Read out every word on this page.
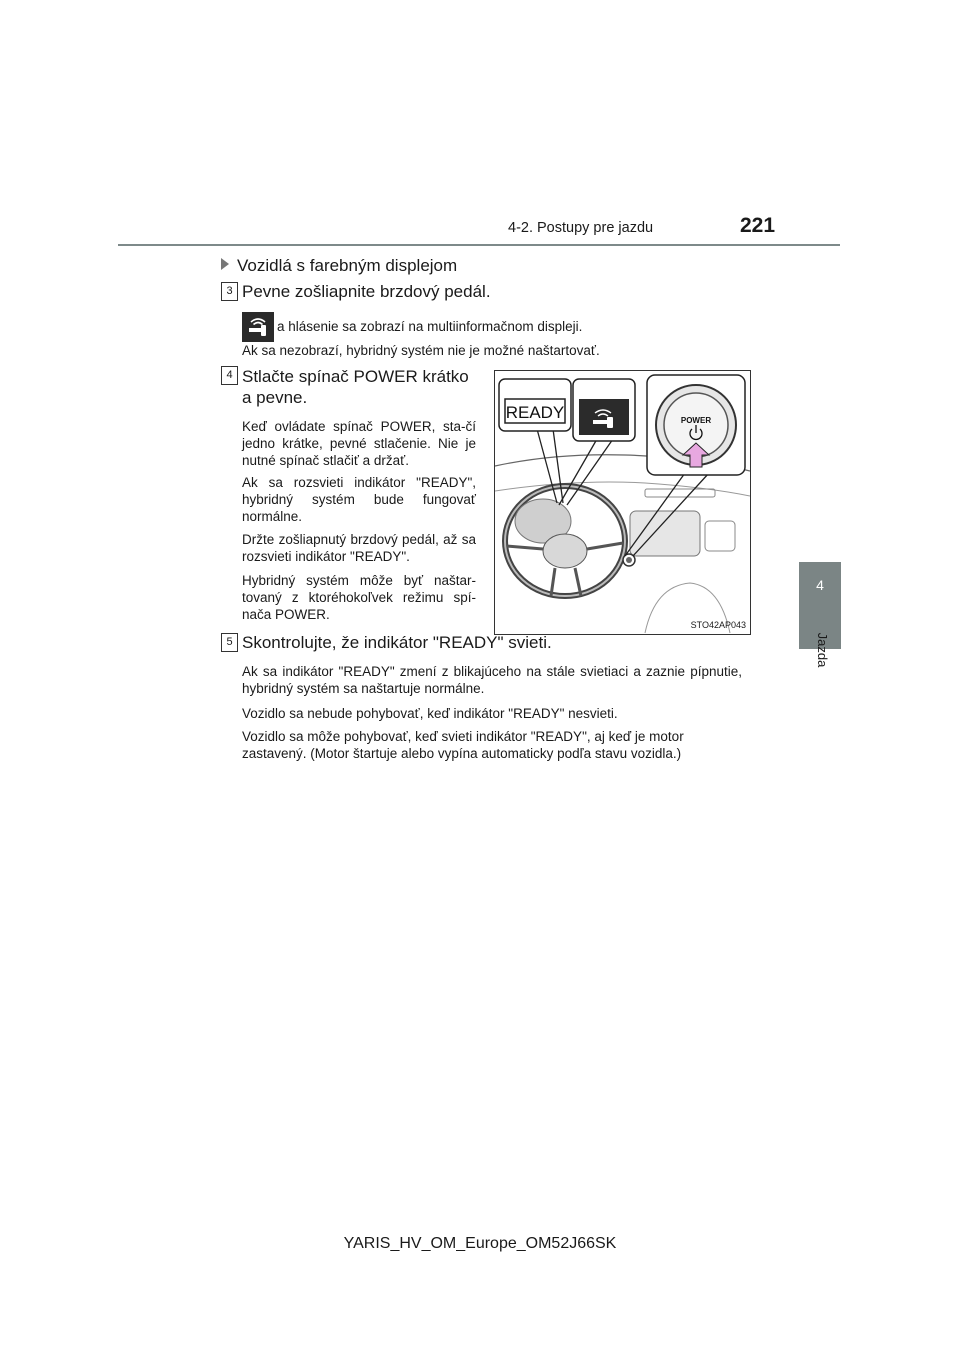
4-2. Postupy pre jazdu	221
4
Jazda
Vozidlá s farebným displejom
3 Pevne zošliapnite brzdový pedál.
a hlásenie sa zobrazí na multiinformačnom displeji.
Ak sa nezobrazí, hybridný systém nie je možné naštartovať.
4 Stlačte spínač POWER krátko
a pevne.
Keď ovládate spínač POWER, sta-čí jedno krátke, pevné stlačenie. Nie je nutné spínač stlačiť a držať.
Ak sa rozsvieti indikátor "READY", hybridný systém bude fungovať normálne.
Držte zošliapnutý brzdový pedál, až sa rozsvieti indikátor "READY".
Hybridný systém môže byť naštar-tovaný z ktoréhokoľvek režimu spí-nača POWER.
READY	POWER
STO42AP043
5 Skontrolujte, že indikátor "READY" svieti.
Ak sa indikátor "READY" zmení z blikajúceho na stále svietiaci a zaznie pípnutie, hybridný systém sa naštartuje normálne.
Vozidlo sa nebude pohybovať, keď indikátor "READY" nesvieti.
Vozidlo sa môže pohybovať, keď svieti indikátor "READY", aj keď je motor zastavený. (Motor štartuje alebo vypína automaticky podľa stavu vozidla.)
YARIS_HV_OM_Europe_OM52J66SK
